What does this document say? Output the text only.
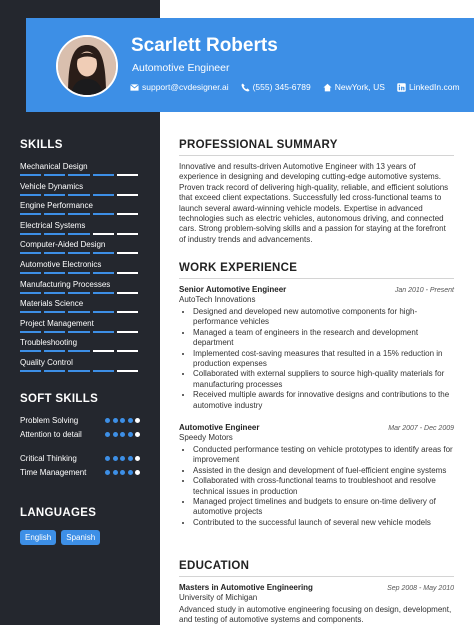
Scarlett Roberts
Automotive Engineer
support@cvdesigner.ai	(555) 345-6789	NewYork, US	LinkedIn.com
SKILLS
Mechanical Design
Vehicle Dynamics
Engine Performance
Electrical Systems
Computer-Aided Design
Automotive Electronics
Manufacturing Processes
Materials Science
Project Management
Troubleshooting
Quality Control
SOFT SKILLS
Problem Solving
Attention to detail
Critical Thinking
Time Management
LANGUAGES
English	Spanish
PROFESSIONAL SUMMARY
Innovative and results-driven Automotive Engineer with 13 years of experience in designing and developing cutting-edge automotive systems. Proven track record of delivering high-quality, reliable, and efficient solutions that exceed client expectations. Successfully led cross-functional teams to launch several award-winning vehicle models. Expertise in advanced technologies such as electric vehicles, autonomous driving, and connected cars. Strong problem-solving skills and a passion for staying at the forefront of industry trends and advancements.
WORK EXPERIENCE
Senior Automotive Engineer	Jan 2010 - Present
AutoTech Innovations
• Designed and developed new automotive components for high-performance vehicles
• Managed a team of engineers in the research and development department
• Implemented cost-saving measures that resulted in a 15% reduction in production expenses
• Collaborated with external suppliers to source high-quality materials for manufacturing processes
• Received multiple awards for innovative designs and contributions to the automotive industry
Automotive Engineer	Mar 2007 - Dec 2009
Speedy Motors
• Conducted performance testing on vehicle prototypes to identify areas for improvement
• Assisted in the design and development of fuel-efficient engine systems
• Collaborated with cross-functional teams to troubleshoot and resolve technical issues in production
• Managed project timelines and budgets to ensure on-time delivery of automotive projects
• Contributed to the successful launch of several new vehicle models
EDUCATION
Masters in Automotive Engineering	Sep 2008 - May 2010
University of Michigan
Advanced study in automotive engineering focusing on design, development, and testing of automotive systems and components.
